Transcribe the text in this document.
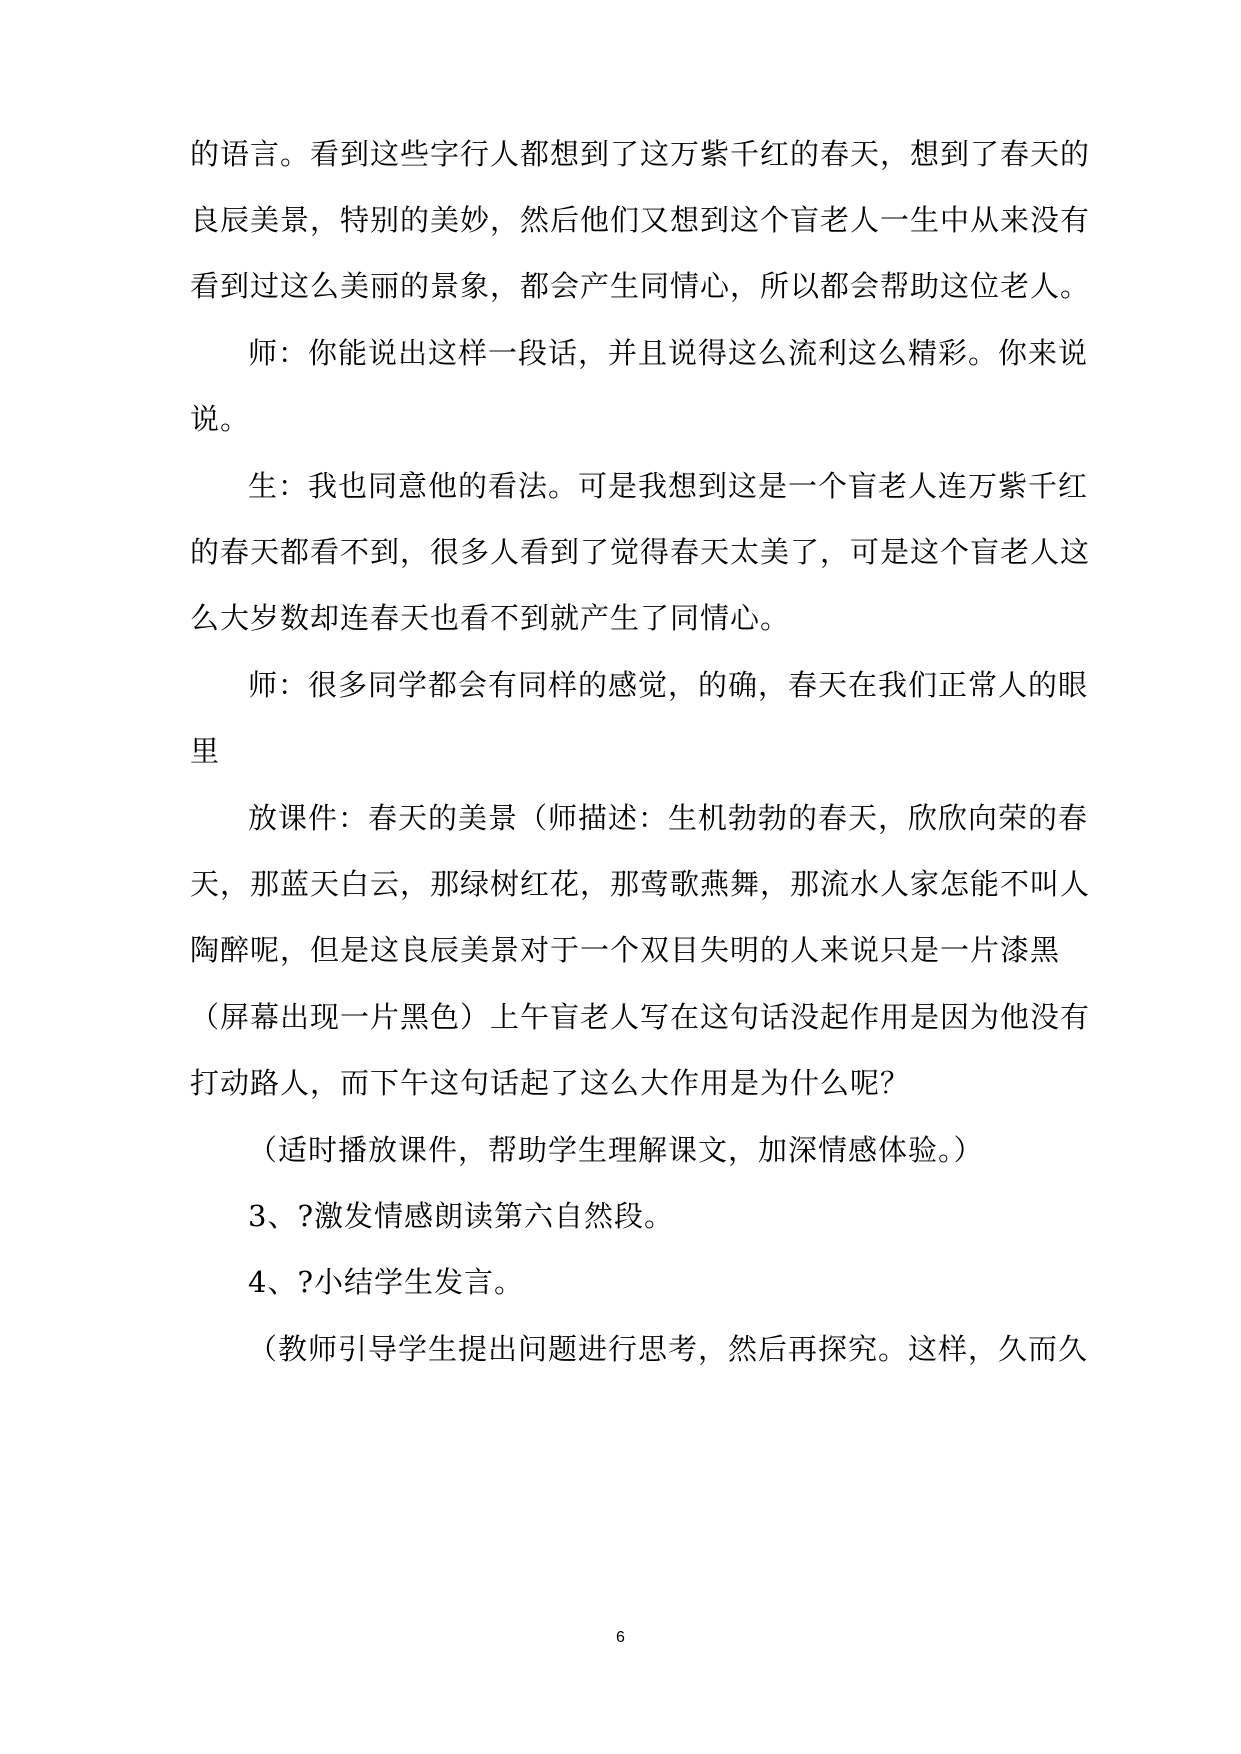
的语言。看到这些字行人都想到了这万紫千红的春天，想到了春天的
良辰美景，特别的美妙，然后他们又想到这个盲老人一生中从来没有
看到过这么美丽的景象，都会产生同情心，所以都会帮助这位老人。
师：你能说出这样一段话，并且说得这么流利这么精彩。你来说
说。
生：我也同意他的看法。可是我想到这是一个盲老人连万紫千红
的春天都看不到，很多人看到了觉得春天太美了，可是这个盲老人这
么大岁数却连春天也看不到就产生了同情心。
师：很多同学都会有同样的感觉，的确，春天在我们正常人的眼
里
放课件：春天的美景（师描述：生机勃勃的春天，欣欣向荣的春
天，那蓝天白云，那绿树红花，那莺歌燕舞，那流水人家怎能不叫人
陶醉呢，但是这良辰美景对于一个双目失明的人来说只是一片漆黑
（屏幕出现一片黑色）上午盲老人写在这句话没起作用是因为他没有
打动路人，而下午这句话起了这么大作用是为什么呢？
（适时播放课件，帮助学生理解课文，加深情感体验。）
3、?激发情感朗读第六自然段。
4、?小结学生发言。
（教师引导学生提出问题进行思考，然后再探究。这样，久而久
6
